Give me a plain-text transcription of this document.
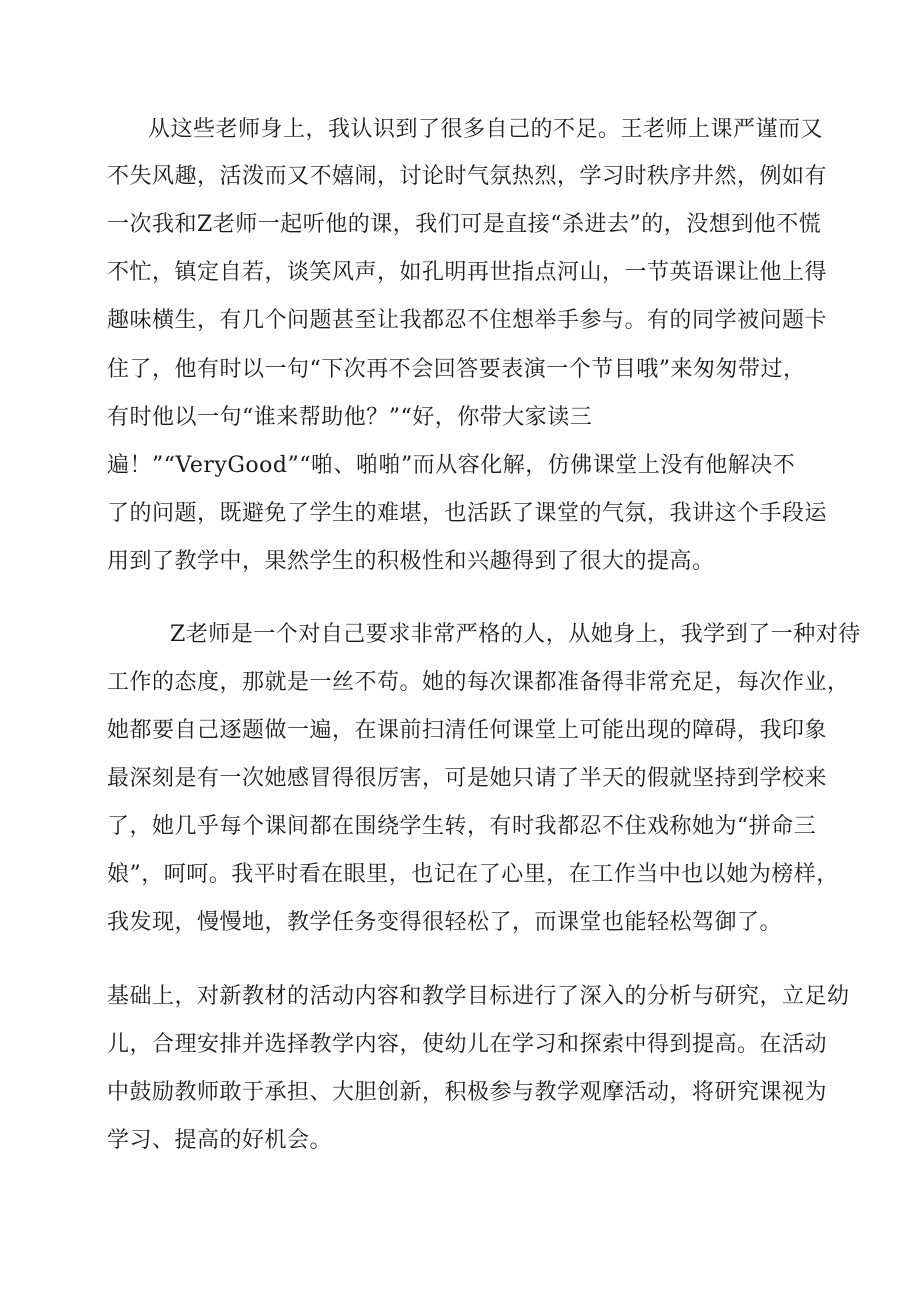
从这些老师身上，我认识到了很多自己的不足。王老师上课严谨而又
不失风趣，活泼而又不嬉闹，讨论时气氛热烈，学习时秩序井然，例如有
一次我和Z老师一起听他的课，我们可是直接“杀进去”的，没想到他不慌
不忙，镇定自若，谈笑风声，如孔明再世指点河山，一节英语课让他上得
趣味横生，有几个问题甚至让我都忍不住想举手参与。有的同学被问题卡
住了，他有时以一句“下次再不会回答要表演一个节目哦”来匆匆带过，
有时他以一句“谁来帮助他？”“好，你带大家读三
遍！”“VeryGood”“啪、啪啪”而从容化解，仿佛课堂上没有他解决不
了的问题，既避免了学生的难堪，也活跃了课堂的气氛，我讲这个手段运
用到了教学中，果然学生的积极性和兴趣得到了很大的提高。
Z老师是一个对自己要求非常严格的人，从她身上，我学到了一种对待
工作的态度，那就是一丝不苟。她的每次课都准备得非常充足，每次作业，
她都要自己逐题做一遍，在课前扫清任何课堂上可能出现的障碍，我印象
最深刻是有一次她感冒得很厉害，可是她只请了半天的假就坚持到学校来
了，她几乎每个课间都在围绕学生转，有时我都忍不住戏称她为“拼命三
娘”，呵呵。我平时看在眼里，也记在了心里，在工作当中也以她为榜样，
我发现，慢慢地，教学任务变得很轻松了，而课堂也能轻松驾御了。
基础上，对新教材的活动内容和教学目标进行了深入的分析与研究，立足幼
儿，合理安排并选择教学内容，使幼儿在学习和探索中得到提高。在活动
中鼓励教师敢于承担、大胆创新，积极参与教学观摩活动，将研究课视为
学习、提高的好机会。
